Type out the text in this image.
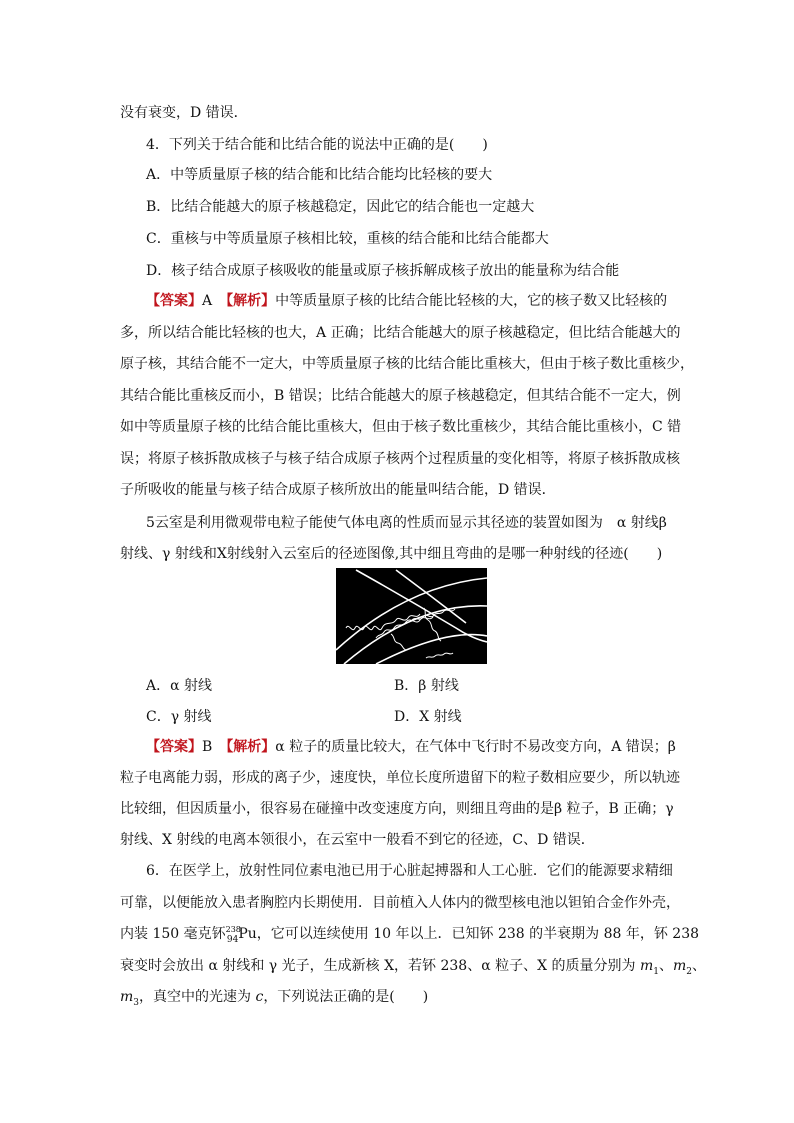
没有衰变，D 错误．
4．下列关于结合能和比结合能的说法中正确的是(　　)
A．中等质量原子核的结合能和比结合能均比轻核的要大
B．比结合能越大的原子核越稳定，因此它的结合能也一定越大
C．重核与中等质量原子核相比较，重核的结合能和比结合能都大
D．核子结合成原子核吸收的能量或原子核拆解成核子放出的能量称为结合能
【答案】A　【解析】中等质量原子核的比结合能比轻核的大，它的核子数又比轻核的
多，所以结合能比轻核的也大，A 正确；比结合能越大的原子核越稳定，但比结合能越大的
原子核，其结合能不一定大，中等质量原子核的比结合能比重核大，但由于核子数比重核少，
其结合能比重核反而小，B 错误；比结合能越大的原子核越稳定，但其结合能不一定大，例
如中等质量原子核的比结合能比重核大，但由于核子数比重核少，其结合能比重核小，C 错
误；将原子核拆散成核子与核子结合成原子核两个过程质量的变化相等，将原子核拆散成核
子所吸收的能量与核子结合成原子核所放出的能量叫结合能，D 错误．
5云室是利用微观带电粒子能使气体电离的性质而显示其径迹的装置如图为　α 射线β
射线、γ 射线和X射线射入云室后的径迹图像,其中细且弯曲的是哪一种射线的径迹(　　)
A．α 射线	B．β 射线
C．γ 射线	D．X 射线
【答案】B　【解析】α 粒子的质量比较大，在气体中飞行时不易改变方向，A 错误；β
粒子电离能力弱，形成的离子少，速度快，单位长度所遗留下的粒子数相应要少，所以轨迹
比较细，但因质量小，很容易在碰撞中改变速度方向，则细且弯曲的是β 粒子，B 正确；γ
射线、X 射线的电离本领很小，在云室中一般看不到它的径迹，C、D 错误．
6．在医学上，放射性同位素电池已用于心脏起搏器和人工心脏．它们的能源要求精细
可靠，以便能放入患者胸腔内长期使用．目前植入人体内的微型核电池以钽铂合金作外壳，
内装 150 毫克钚$^{238}_{94}$Pu，它可以连续使用 10 年以上．已知钚 238 的半衰期为 88 年，钚 238
衰变时会放出 α 射线和 γ 光子，生成新核 X，若钚 238、α 粒子、X 的质量分别为 $m_1$、$m_2$、
$m_3$，真空中的光速为 c，下列说法正确的是(　　)
